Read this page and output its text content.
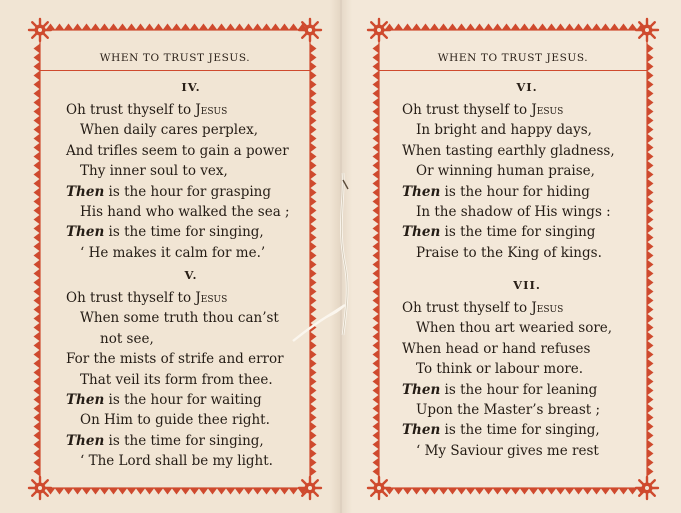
WHEN TO TRUST JESUS.
IV.
Oh trust thyself to Jesus
When daily cares perplex,
And trifles seem to gain a power
Thy inner soul to vex,
Then is the hour for grasping
His hand who walked the sea ;
Then is the time for singing,
‘ He makes it calm for me.’
V.
Oh trust thyself to Jesus
When some truth thou can’st
not see,
For the mists of strife and error
That veil its form from thee.
Then is the hour for waiting
On Him to guide thee right.
Then is the time for singing,
‘ The Lord shall be my light.
WHEN TO TRUST JESUS.
VI.
Oh trust thyself to Jesus
In bright and happy days,
When tasting earthly gladness,
Or winning human praise,
Then is the hour for hiding
In the shadow of His wings :
Then is the time for singing
Praise to the King of kings.
VII.
Oh trust thyself to Jesus
When thou art wearied sore,
When head or hand refuses
To think or labour more.
Then is the hour for leaning
Upon the Master’s breast ;
Then is the time for singing,
‘ My Saviour gives me rest
